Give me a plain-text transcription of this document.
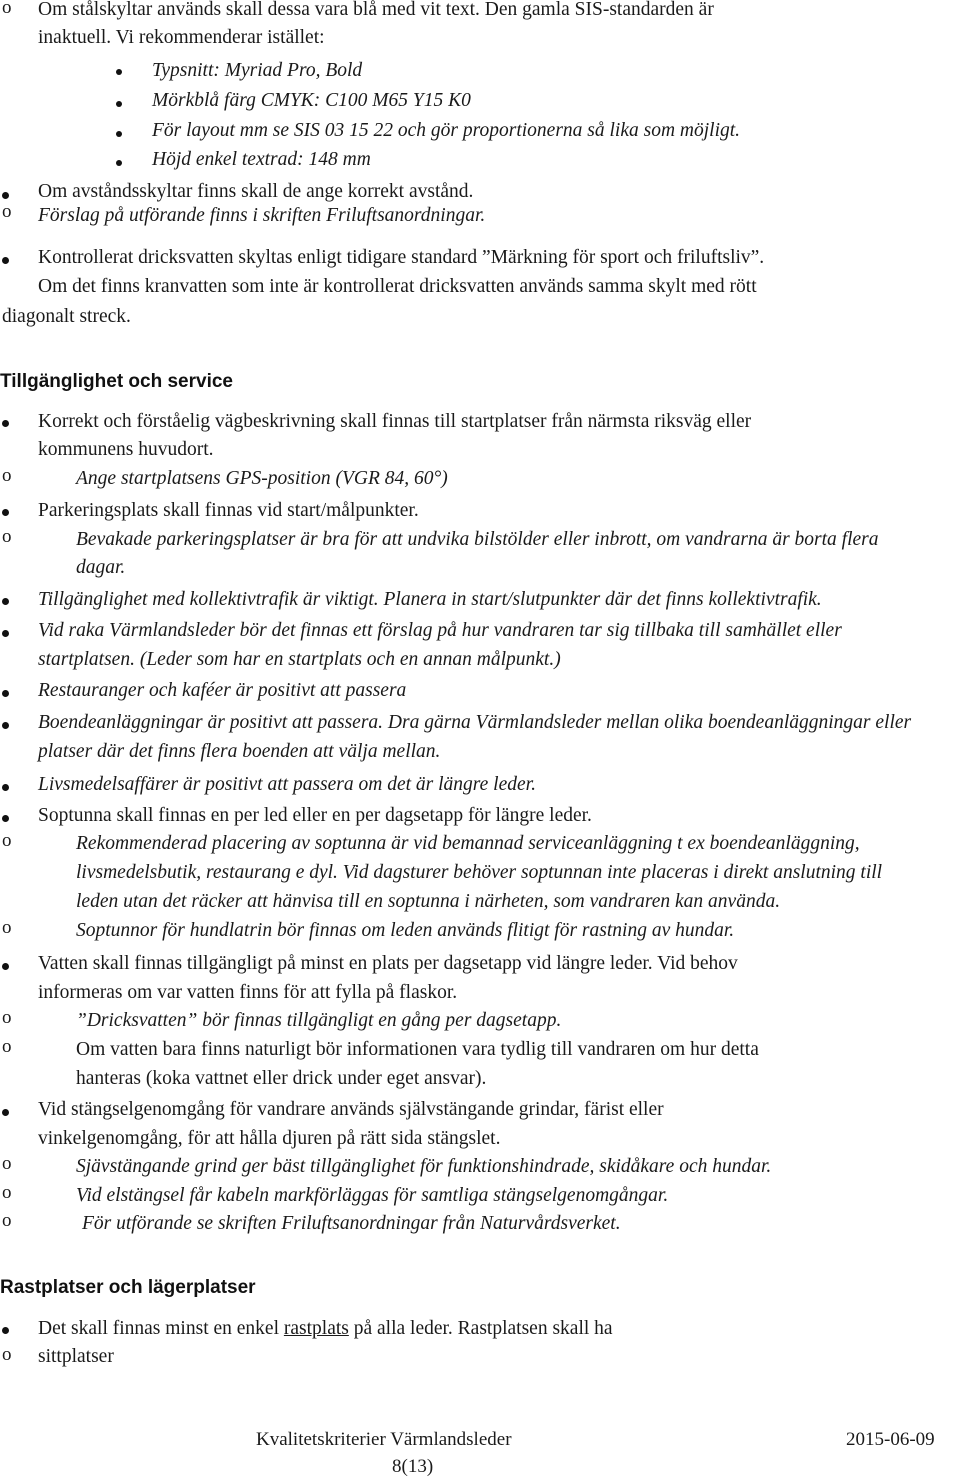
o Om stålskyltar används skall dessa vara blå med vit text. Den gamla SIS-standarden är
inaktuell. Vi rekommenderar istället:
Typsnitt: Myriad Pro, Bold
Mörkblå färg CMYK: C100 M65 Y15 K0
För layout mm se SIS 03 15 22 och gör proportionerna så lika som möjligt.
Höjd enkel textrad: 148 mm
Om avståndsskyltar finns skall de ange korrekt avstånd.
o Förslag på utförande finns i skriften Friluftsanordningar.
Kontrollerat dricksvatten skyltas enligt tidigare standard ”Märkning för sport och friluftsliv”.
Om det finns kranvatten som inte är kontrollerat dricksvatten används samma skylt med rött
diagonalt streck.
Tillgänglighet och service
Korrekt och förståelig vägbeskrivning skall finnas till startplatser från närmsta riksväg eller
kommunens huvudort.
o	Ange startplatsens GPS-position (VGR 84, 60°)
Parkeringsplats skall finnas vid start/målpunkter.
o	Bevakade parkeringsplatser är bra för att undvika bilstölder eller inbrott, om vandrarna är borta flera
dagar.
Tillgänglighet med kollektivtrafik är viktigt. Planera in start/slutpunkter där det finns kollektivtrafik.
Vid raka Värmlandsleder bör det finnas ett förslag på hur vandraren tar sig tillbaka till samhället eller
startplatsen. (Leder som har en startplats och en annan målpunkt.)
Restauranger och kaféer är positivt att passera
Boendeanläggningar är positivt att passera. Dra gärna Värmlandsleder mellan olika boendeanläggningar eller
platser där det finns flera boenden att välja mellan.
Livsmedelsaffärer är positivt att passera om det är längre leder.
Soptunna skall finnas en per led eller en per dagsetapp för längre leder.
o	Rekommenderad placering av soptunna är vid bemannad serviceanläggning t ex boendeanläggning,
livsmedelsbutik, restaurang e dyl. Vid dagsturer behöver soptunnan inte placeras i direkt anslutning till
leden utan det räcker att hänvisa till en soptunna i närheten, som vandraren kan använda.
o	Soptunnor för hundlatrin bör finnas om leden används flitigt för rastning av hundar.
Vatten skall finnas tillgängligt på minst en plats per dagsetapp vid längre leder. Vid behov
informeras om var vatten finns för att fylla på flaskor.
o	”Dricksvatten” bör finnas tillgängligt en gång per dagsetapp.
o	Om vatten bara finns naturligt bör informationen vara tydlig till vandraren om hur detta
hanteras (koka vattnet eller drick under eget ansvar).
Vid stängselgenomgång för vandrare används självstängande grindar, färist eller
vinkelgenomgång, för att hålla djuren på rätt sida stängslet.
o	Sjävstängande grind ger bäst tillgänglighet för funktionshindrade, skidåkare och hundar.
o	Vid elstängsel får kabeln markförläggas för samtliga stängselgenomgångar.
o	För utförande se skriften Friluftsanordningar från Naturvårdsverket.
Rastplatser och lägerplatser
Det skall finnas minst en enkel rastplats på alla leder. Rastplatsen skall ha
o sittplatser
Kvalitetskriterier Värmlandsleder	2015-06-09
8(13)
